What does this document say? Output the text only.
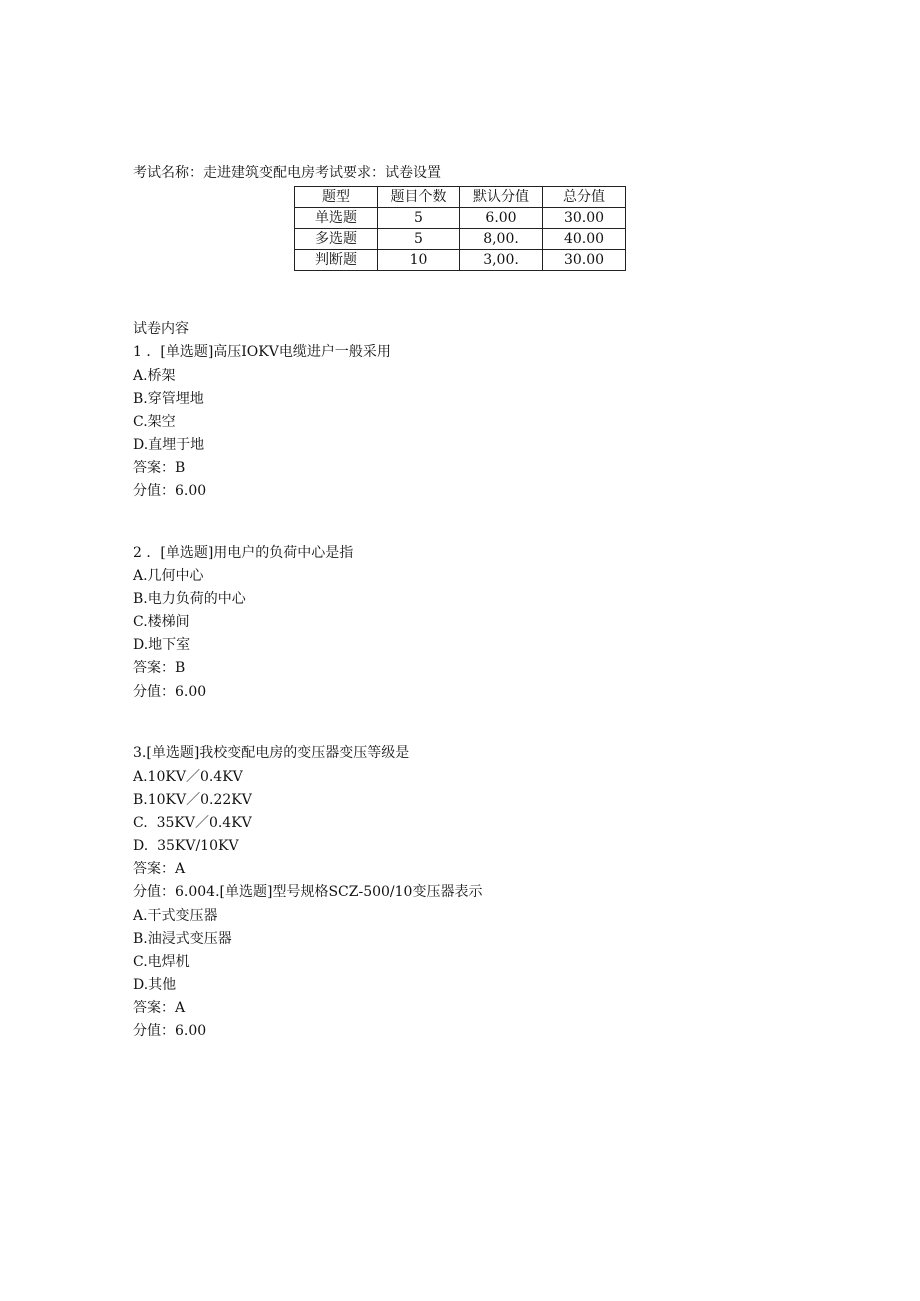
考试名称：走进建筑变配电房考试要求：试卷设置
题型	题目个数	默认分值	总分值
单选题	5	6.00	30.00
多选题	5	8,00.	40.00
判断题	10	3,00.	30.00
试卷内容
1 ．[单选题]高压IOKV电缆进户一般采用
A.桥架
B.穿管埋地
C.架空
D.直埋于地
答案：B
分值：6.00
2 ．[单选题]用电户的负荷中心是指
A.几何中心
B.电力负荷的中心
C.楼梯间
D.地下室
答案：B
分值：6.00
3.[单选题]我校变配电房的变压器变压等级是
A.10KV／0.4KV
B.10KV／0.22KV
C.  35KV／0.4KV
D.  35KV/10KV
答案：A
分值：6.004.[单选题]型号规格SCZ-500/10变压器表示
A.干式变压器
B.油浸式变压器
C.电焊机
D.其他
答案：A
分值：6.00
